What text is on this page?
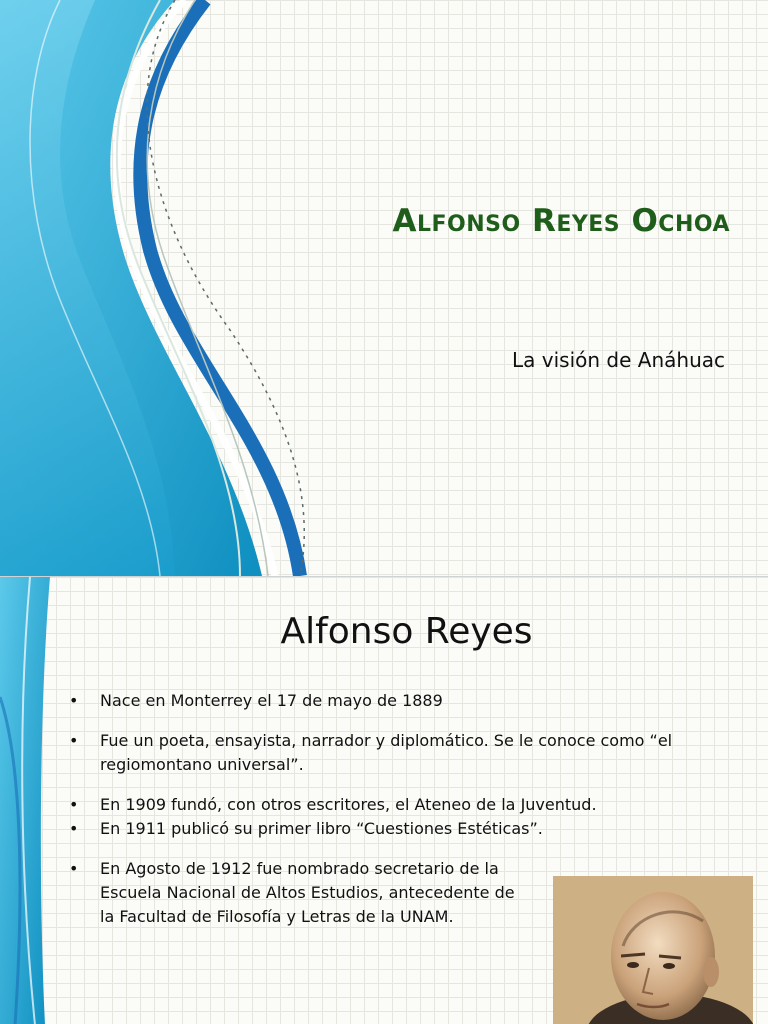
Alfonso Reyes Ochoa
La visión de Anáhuac
Alfonso Reyes
• Nace en Monterrey el 17 de mayo de 1889
• Fue un poeta, ensayista, narrador y diplomático. Se le conoce como “el regiomontano universal”.
• En 1909 fundó, con otros escritores, el Ateneo de la Juventud.
• En 1911 publicó su primer libro “Cuestiones Estéticas”.
• En Agosto de 1912 fue nombrado secretario de la Escuela Nacional de Altos Estudios, antecedente de la Facultad de Filosofía y Letras de la UNAM.
